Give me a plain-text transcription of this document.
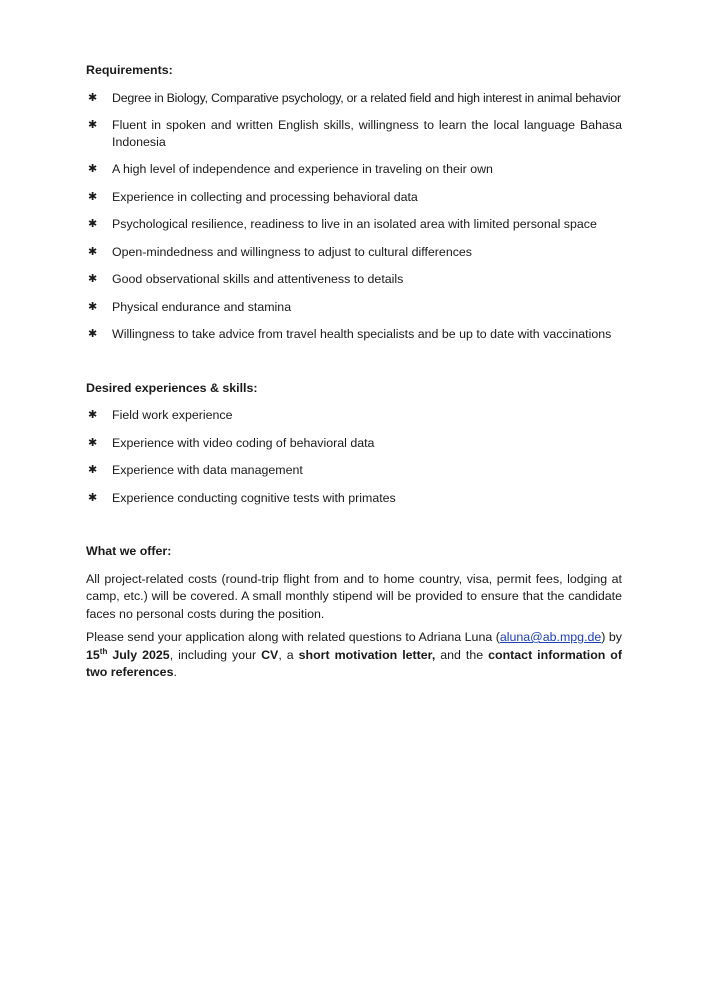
Requirements:

✱ Degree in Biology, Comparative psychology, or a related field and high interest in animal behavior
✱ Fluent in spoken and written English skills, willingness to learn the local language Bahasa Indonesia
✱ A high level of independence and experience in traveling on their own
✱ Experience in collecting and processing behavioral data
✱ Psychological resilience, readiness to live in an isolated area with limited personal space
✱ Open-mindedness and willingness to adjust to cultural differences
✱ Good observational skills and attentiveness to details
✱ Physical endurance and stamina
✱ Willingness to take advice from travel health specialists and be up to date with vaccinations

Desired experiences & skills:

✱ Field work experience
✱ Experience with video coding of behavioral data
✱ Experience with data management
✱ Experience conducting cognitive tests with primates

What we offer:

All project-related costs (round-trip flight from and to home country, visa, permit fees, lodging at camp, etc.) will be covered. A small monthly stipend will be provided to ensure that the candidate faces no personal costs during the position.

Please send your application along with related questions to Adriana Luna (aluna@ab.mpg.de) by 15th July 2025, including your CV, a short motivation letter, and the contact information of two references.
